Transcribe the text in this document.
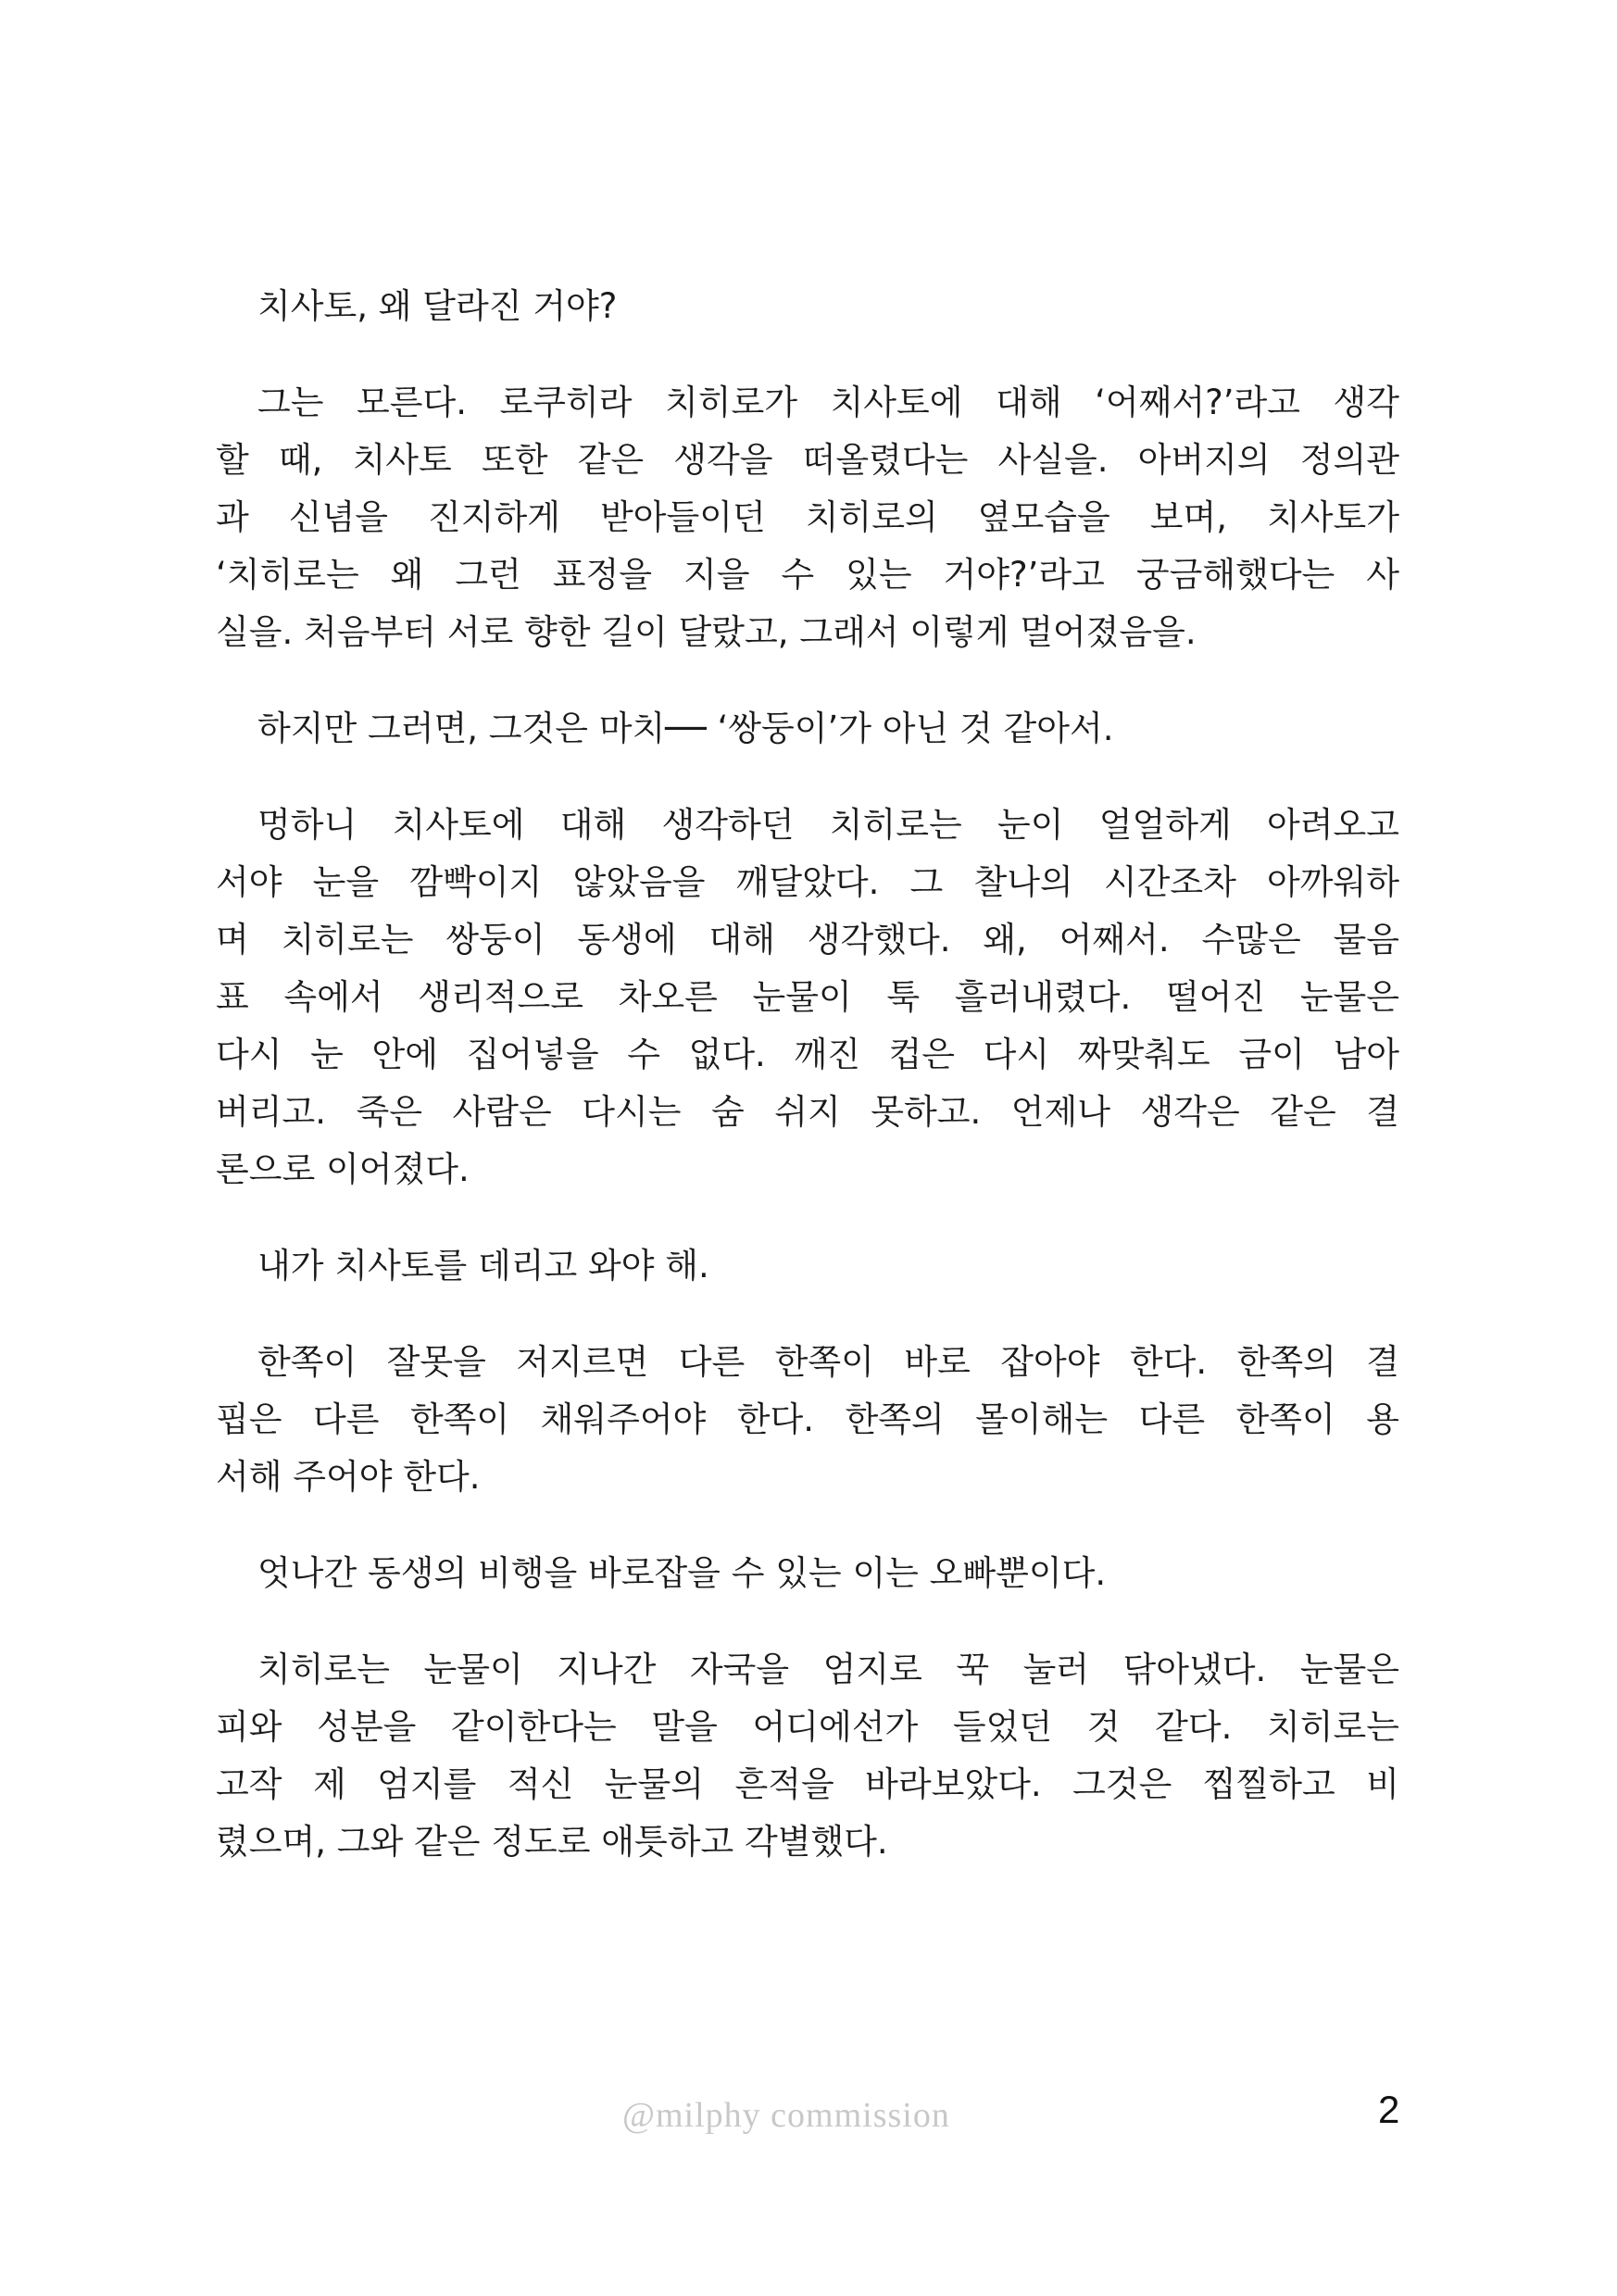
치사토, 왜 달라진 거야?
그는 모른다. 로쿠히라 치히로가 치사토에 대해 ‘어째서?’라고 생각
할 때, 치사토 또한 같은 생각을 떠올렸다는 사실을. 아버지의 정의관
과 신념을 진지하게 받아들이던 치히로의 옆모습을 보며, 치사토가
‘치히로는 왜 그런 표정을 지을 수 있는 거야?’라고 궁금해했다는 사
실을. 처음부터 서로 향한 길이 달랐고, 그래서 이렇게 멀어졌음을.
하지만 그러면, 그것은 마치── ‘쌍둥이’가 아닌 것 같아서.
멍하니 치사토에 대해 생각하던 치히로는 눈이 얼얼하게 아려오고
서야 눈을 깜빡이지 않았음을 깨달았다. 그 찰나의 시간조차 아까워하
며 치히로는 쌍둥이 동생에 대해 생각했다. 왜, 어째서. 수많은 물음
표 속에서 생리적으로 차오른 눈물이 툭 흘러내렸다. 떨어진 눈물은
다시 눈 안에 집어넣을 수 없다. 깨진 컵은 다시 짜맞춰도 금이 남아
버리고. 죽은 사람은 다시는 숨 쉬지 못하고. 언제나 생각은 같은 결
론으로 이어졌다.
내가 치사토를 데리고 와야 해.
한쪽이 잘못을 저지르면 다른 한쪽이 바로 잡아야 한다. 한쪽의 결
핍은 다른 한쪽이 채워주어야 한다. 한쪽의 몰이해는 다른 한쪽이 용
서해 주어야 한다.
엇나간 동생의 비행을 바로잡을 수 있는 이는 오빠뿐이다.
치히로는 눈물이 지나간 자국을 엄지로 꾹 눌러 닦아냈다. 눈물은
피와 성분을 같이한다는 말을 어디에선가 들었던 것 같다. 치히로는
고작 제 엄지를 적신 눈물의 흔적을 바라보았다. 그것은 찝찔하고 비
렸으며, 그와 같은 정도로 애틋하고 각별했다.
@milphy commission	2
